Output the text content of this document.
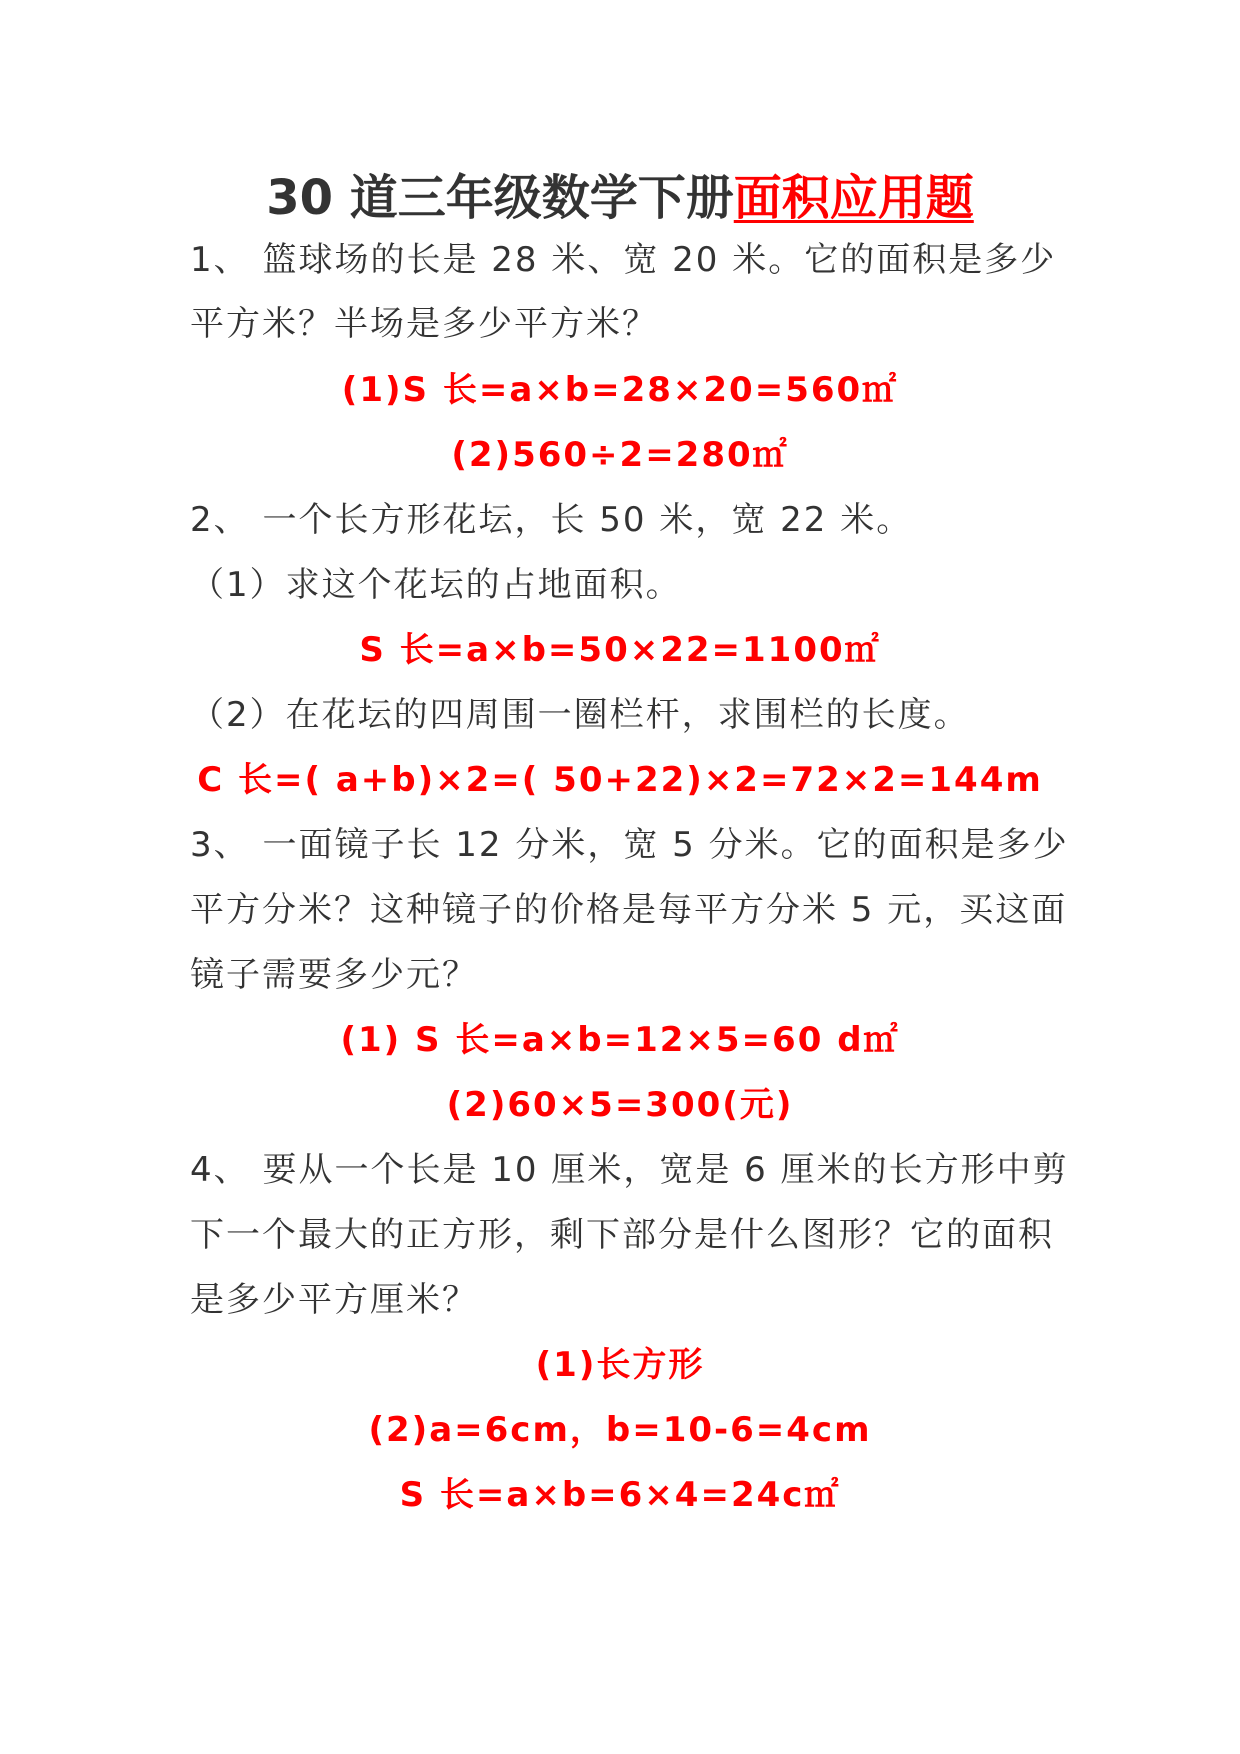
30 道三年级数学下册面积应用题
1、 篮球场的长是 28 米、宽 20 米。它的面积是多少
平方米？半场是多少平方米？
(1)S 长=a×b=28×20=560㎡
(2)560÷2=280㎡
2、 一个长方形花坛，长 50 米，宽 22 米。
（1）求这个花坛的占地面积。
S 长=a×b=50×22=1100㎡
（2）在花坛的四周围一圈栏杆，求围栏的长度。
C 长=( a+b)×2=( 50+22)×2=72×2=144m
3、 一面镜子长 12 分米，宽 5 分米。它的面积是多少
平方分米？这种镜子的价格是每平方分米 5 元，买这面
镜子需要多少元？
(1) S 长=a×b=12×5=60 d㎡
(2)60×5=300(元)
4、 要从一个长是 10 厘米，宽是 6 厘米的长方形中剪
下一个最大的正方形，剩下部分是什么图形？它的面积
是多少平方厘米？
(1)长方形
(2)a=6cm，b=10-6=4cm
S 长=a×b=6×4=24c㎡
